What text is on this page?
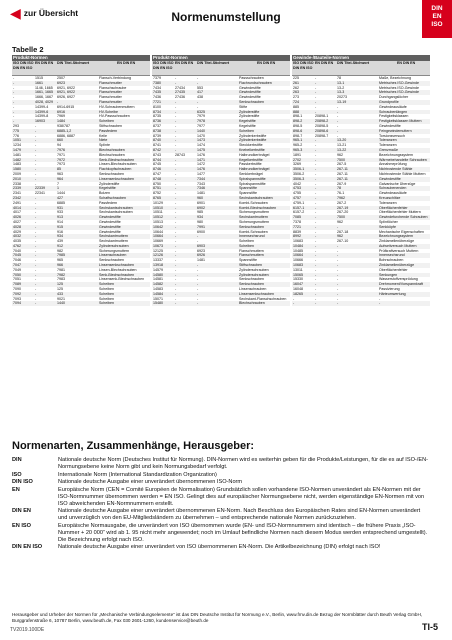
◀ zur Übersicht	Normenumstellung
DIN
EN
ISO
Tabelle 2
Produkt-Normen
ISO DIN ISO DIN EN ISO
EN DIN EN	DIN Titel-Stichwort	EN DIN EN
-	1515	2507	Flansch-Verbindung
-	1661	6923	Flanschmutter
-	1146, 1665	6921, 6922	Flanschschraube
-	1661, 1665	6921, 6922	Flanschmutter
-	1666, 1667	6926, 6927	Flanschmutter
-	4028, 4029	-	Flanschmutter
-	14399-4	6914-6915	HV-Schraubenmuttern
-	14399-6	6916	HV-Scheibe
-	14399-8	7969	HV-Passschrauben
-	16903	1484	Scheiben
293	-	938/787	Stiftschrauben
775	-	6885-1,2	Passfedern
776	-	6886, 6887	Keile
1051	-	660	Niete
1234	-	94	Splinte
1479	-	7976	Blechschrauben
1481	-	7971	Blechschrauben
1482	-	7972	Senk-Blechschrauben
1483	-	7973	Linsen-Blechschrauben
1580	-	85	Flachkopfschrauben
2009	-	963	Senkschrauben
2010	-	964	Linsensenkschrauben
2338	-	7	Zylinderstifte
2339	22339	1	Kegelstifte
2341	22341	1444	Bolzen
2342	-	427	Schaftschrauben
2491	-	6885	Passfedern
4014	-	931	Sechskantschrauben
4017	-	933	Sechskantschrauben
4026	-	913	Gewindestifte
4027	-	914	Gewindestifte
4028	-	915	Gewindestifte
4029	-	916	Gewindestifte
4032	-	934	Sechskantmuttern
4035	-	439	Sechskantmuttern
4762	-	912	Zylinderschrauben
7040	-	982	Sicherungsmuttern
7045	-	7985	Linsenschrauben
7046	-	965	Senkschrauben
7047	-	966	Linsensenkschrauben
7049	-	7981	Linsen-Blechschrauben
7050	-	7982	Senk-Blechschrauben
7051	-	7983	Linsensenk-Blechschrauben
7089	-	125	Scheiben
7090	-	125	Scheiben
7092	-	433	Scheiben
7093	-	9021	Scheiben
7094	-	1440	Scheiben
Produkt-Normen
ISO DIN ISO DIN EN ISO
EN DIN EN	DIN Titel-Stichwort	EN DIN EN
7379	-	-	Passschrauben
7380	-	-	Flachrundschrauben
7434	27434	553	Gewindestifte
7435	27435	417	Gewindestifte
7436	27436	438	Gewindestifte
7721	-	-	Senkschrauben
8100	-	-	Stifte
8734	-	6325	Zylinderstifte
8735	-	7979	Zylinderstifte
8736	-	7978	Kegelstifte
8737	-	7977	Kegelstifte
8738	-	1440	Scheiben
8739	-	1470	Zylinderkerbstifte
8740	-	1473	Zylinderkerbstifte
8741	-	1474	Steckkerbstifte
8742	-	1475	Knebelkerbstifte
8743	28743	1476	Halbrundkerbnägel
8744	-	1471	Kegelkerbstifte
8745	-	1472	Passkerbstifte
8746	-	1476	Halbrundkerbnägel
8747	-	1477	Senkkerbnägel
8748	-	7344	Spiralspannstifte
8750	-	7343	Spiralspannstifte
8751	-	7346	Spannstifte
8752	-	1481	Spannstifte
8765	-	960	Sechskantschrauben
10129	-	6901	Kombi-Schrauben
10510	-	6902	Kombi-Blechschrauben
10511	-	985	Sicherungsmuttern
10512	-	934	Sechskantmuttern
10513	-	980	Sicherungsmuttern
10642	-	7991	Senkschrauben
10644	-	6900	Kombi-Schrauben
10664	-	-	Innensechsrund
10669	-	-	Scheiben
10673	-	6903	Scheiben
12125	-	6923	Flanschmuttern
12126	-	6926	Flanschmuttern
13337	-	1481	Spannstifte
13918	-	-	Stiftschrauben
14579	-	-	Zylinderschrauben
14580	-	-	Zylinderschrauben
14581	-	-	Senkschrauben
14582	-	-	Senkschrauben
14583	-	-	Linsenschrauben
14584	-	-	Linsensenkschrauben
15071	-	-	Sechskant-Flanschschrauben
15480	-	-	Blechschrauben
Gewinde-/Bauteile-Normen
ISO DIN ISO DIN EN ISO
EN DIN EN	DIN Titel-Stichwort	EN DIN EN
225	-	78	Maße, Bezeichnung
261	-	13-1	Metrisches ISO-Gewinde
262	-	13-2	Metrisches ISO-Gewinde
263	-	13-3	Metrisches ISO-Gewinde
273	-	20273	Durchgangslöcher
724	-	13-19	Grundprofile
885	-	-	Gewindeausläufe
888	-	-	Schraubenlängen
898-1	20898-1	-	Festigkeitsklassen
898-2	20898-2	-	Festigkeitsklassen Muttern
898-5	20898-5	-	Gewindestifte
898-6	20898-6	-	Feingewindemuttern
898-7	20898-7	-	Torsionsversuch
965-1	-	13-20	Toleranzen
965-2	-	13-21	Toleranzen
965-3	-	13-22	Grenzmaße
1891	-	962	Bezeichnungssystem
2702	-	7500	Wärmebehandelte Schrauben
3269	-	267-5	Annahmeprüfung
3506-1	-	267-11	Nichtrostende Stähle
3506-2	-	267-11	Nichtrostende Stähle Muttern
3506-3	-	267-11	Gewindestifte
4042	-	267-9	Galvanische Überzüge
4753	-	78	Schraubenenden
4755	-	76-1	Gewindeausläufe
4757	-	7962	Kreuzschlitze
4759-1	-	267-2	Toleranzen
6157-1	-	267-19	Oberflächenfehler
6157-2	-	267-20	Oberflächenfehler Muttern
7085	-	7500	Gewindefurchende Schrauben
7378	-	962	Splintlöcher
7721	-	-	Senkköpfe
8839	-	267-18	Mechanische Eigenschaften
8992	-	962	Bezeichnungssystem
10683	-	267-10	Zinklamellenüberzüge
10484	-	-	Aufweitversuch Muttern
10485	-	-	Prüfkraftversuch Muttern
10664	-	-	Innensechsrund
10666	-	-	Bohrschrauben
10683	-	-	Zinklamellenüberzüge
13011	-	-	Oberflächenfehler
15065	-	-	Senkungen
15330	-	-	Wasserstoffversprödung
16047	-	-	Drehmoment/Vorspannkraft
16048	-	-	Passivierung
18265	-	-	Härteumwertung
-	-	-	-
-	-	-	-
Normenarten, Zusammenhänge, Herausgeber:
DIN	Nationale deutsche Norm (Deutsches Institut für Normung). DIN-Normen wird es weiterhin geben für die Produkte/Leistungen, für die es auf ISO-/EN-Normungsebene keine Norm gibt und kein Normungsbedarf verfolgt.
ISO	Internationale Norm (International Standardization Organization)
DIN ISO	Nationale deutsche Ausgabe einer unverändert übernommenen ISO-Norm
EN	Europäische Norm (CEN = Comité Européen de Normalisation) Grundsätzlich sollen vorhandene ISO-Normen unverändert als EN-Normen mit der ISO-Normnummer übernommen werden = EN ISO. Gelingt dies auf europäischer Normungsebene nicht, werden eigenständige EN-Normen mit von ISO abweichenden EN-Normnummern erstellt.
DIN EN	Nationale deutsche Ausgabe einer unverändert übernommenen EN-Norm. Nach Beschluss des Europäischen Rates sind EN-Normen unverändert und unverzüglich von den EU-Mitgliedsländern zu übernehmen – und entsprechende nationale Normen zurückzuziehen.
EN ISO	Europäische Normausgabe, die unverändert von ISO übernommen wurde (EN- und ISO-Normnummern sind identisch – die frühere Praxis „ISO-Nummer + 20 000“ wird ab 1. 95 nicht mehr angewendet; noch im Umlauf befindliche Normen nach diesem Modus werden entsprechend umgestellt). Die Bezeichnung erfolgt nach ISO.
DIN EN ISO	Nationale deutsche Ausgabe einer unverändert von ISO übernommenen EN-Norm. Die Artikelbezeichnung (DIN) erfolgt nach ISO!
Herausgeber und Urheber der Normen für „Mechanische Verbindungselemente“ ist das DIN Deutsche Institut für Normung e.V., Berlin, www.fmv.din.de Bezug der Normblätter durch Beuth Verlag GmbH, Burggrafenstraße 6, 10787 Berlin, www.beuth.de, Fax 030 2601-1260, kundenservice@beuth.de
TV2019.100DE	TI-5
